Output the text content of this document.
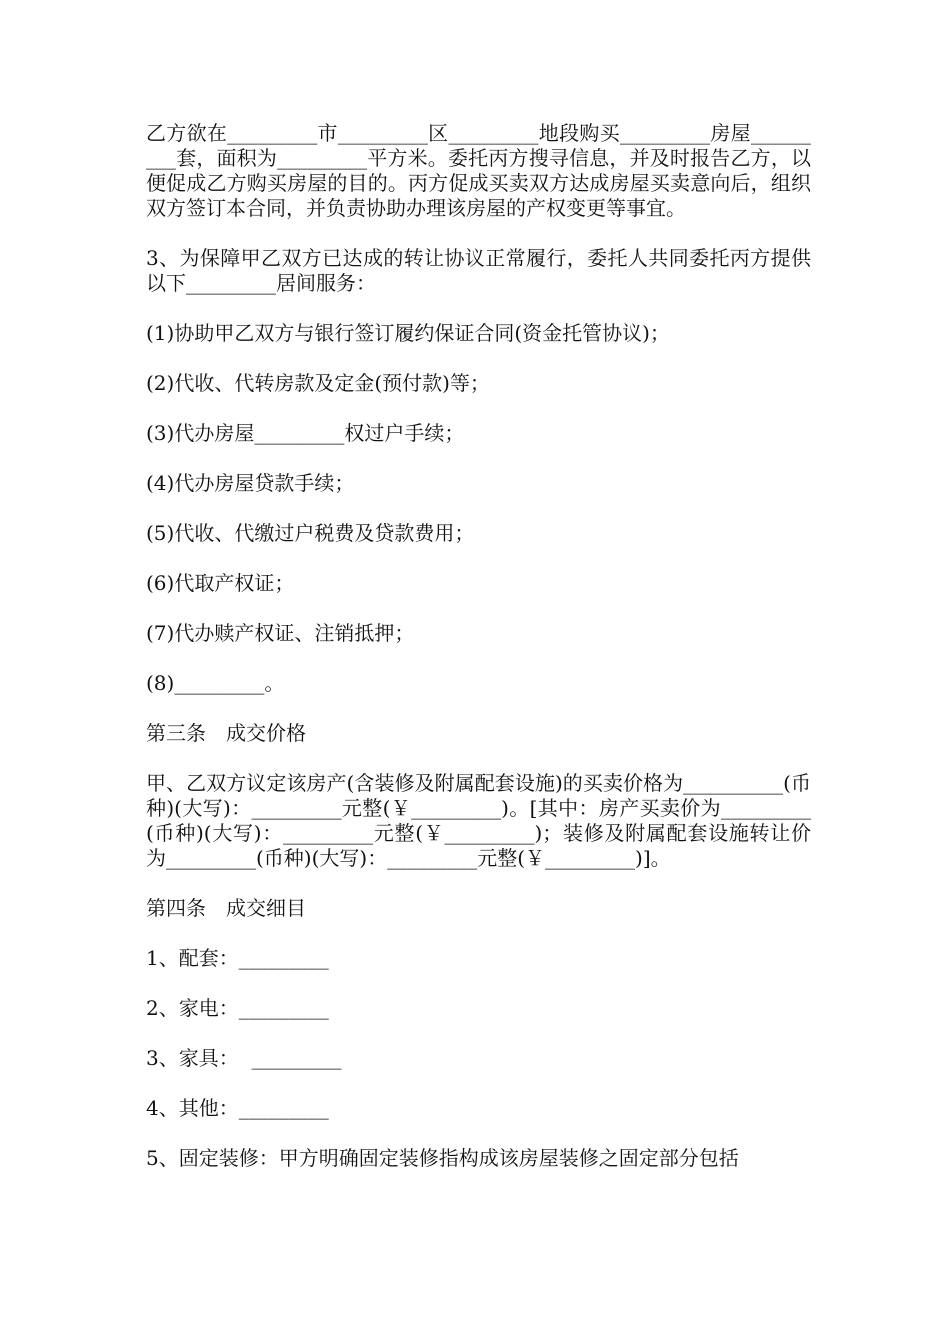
乙方欲在_________市_________区_________地段购买_________房屋_________套，面积为_________平方米。委托丙方搜寻信息，并及时报告乙方，以便促成乙方购买房屋的目的。丙方促成买卖双方达成房屋买卖意向后，组织双方签订本合同，并负责协助办理该房屋的产权变更等事宜。

3、为保障甲乙双方已达成的转让协议正常履行，委托人共同委托丙方提供以下_________居间服务：

(1)协助甲乙双方与银行签订履约保证合同(资金托管协议)；

(2)代收、代转房款及定金(预付款)等；

(3)代办房屋_________权过户手续；

(4)代办房屋贷款手续；

(5)代收、代缴过户税费及贷款费用；

(6)代取产权证；

(7)代办赎产权证、注销抵押；

(8)_________。

第三条　成交价格

甲、乙双方议定该房产(含装修及附属配套设施)的买卖价格为__________(币种)(大写)：_________元整(￥_________)。[其中：房产买卖价为_________(币种)(大写)：_________元整(￥_________)；装修及附属配套设施转让价为_________(币种)(大写)：_________元整(￥_________)]。

第四条　成交细目

1、配套：_________

2、家电：_________

3、家具：  _________

4、其他：_________

5、固定装修：甲方明确固定装修指构成该房屋装修之固定部分包括
